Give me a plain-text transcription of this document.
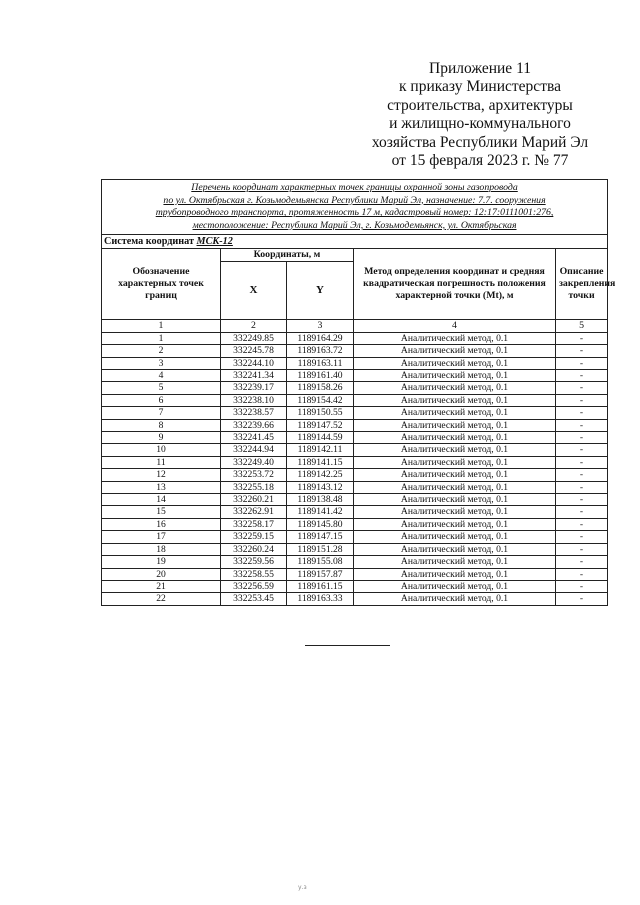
Приложение 11
к приказу Министерства
строительства, архитектуры
и жилищно-коммунального
хозяйства Республики Марий Эл
от 15 февраля 2023 г. № 77
Перечень координат характерных точек границы охранной зоны газопровода
по ул. Октябрьская г. Козьмодемьянска Республики Марий Эл, назначение: 7.7. сооружения
трубопроводного транспорта, протяженность 17 м, кадастровый номер: 12:17:0111001:276,
местоположение: Республика Марий Эл, г. Козьмодемьянск, ул. Октябрьская				

Система координат МСК-12				
Обозначение характерных точек границ	Координаты, м		Метод определения координат и средняя квадратическая погрешность положения характерной точки (Mt), м	Описание закрепления точки
	X	Y		
1	2	3	4	5
1	332249.85	1189164.29	Аналитический метод, 0.1	-
2	332245.78	1189163.72	Аналитический метод, 0.1	-
3	332244.10	1189163.11	Аналитический метод, 0.1	-
4	332241.34	1189161.40	Аналитический метод, 0.1	-
5	332239.17	1189158.26	Аналитический метод, 0.1	-
6	332238.10	1189154.42	Аналитический метод, 0.1	-
7	332238.57	1189150.55	Аналитический метод, 0.1	-
8	332239.66	1189147.52	Аналитический метод, 0.1	-
9	332241.45	1189144.59	Аналитический метод, 0.1	-
10	332244.94	1189142.11	Аналитический метод, 0.1	-
11	332249.40	1189141.15	Аналитический метод, 0.1	-
12	332253.72	1189142.25	Аналитический метод, 0.1	-
13	332255.18	1189143.12	Аналитический метод, 0.1	-
14	332260.21	1189138.48	Аналитический метод, 0.1	-
15	332262.91	1189141.42	Аналитический метод, 0.1	-
16	332258.17	1189145.80	Аналитический метод, 0.1	-
17	332259.15	1189147.15	Аналитический метод, 0.1	-
18	332260.24	1189151.28	Аналитический метод, 0.1	-
19	332259.56	1189155.08	Аналитический метод, 0.1	-
20	332258.55	1189157.87	Аналитический метод, 0.1	-
21	332256.59	1189161.15	Аналитический метод, 0.1	-
22	332253.45	1189163.33	Аналитический метод, 0.1	-
у.з
